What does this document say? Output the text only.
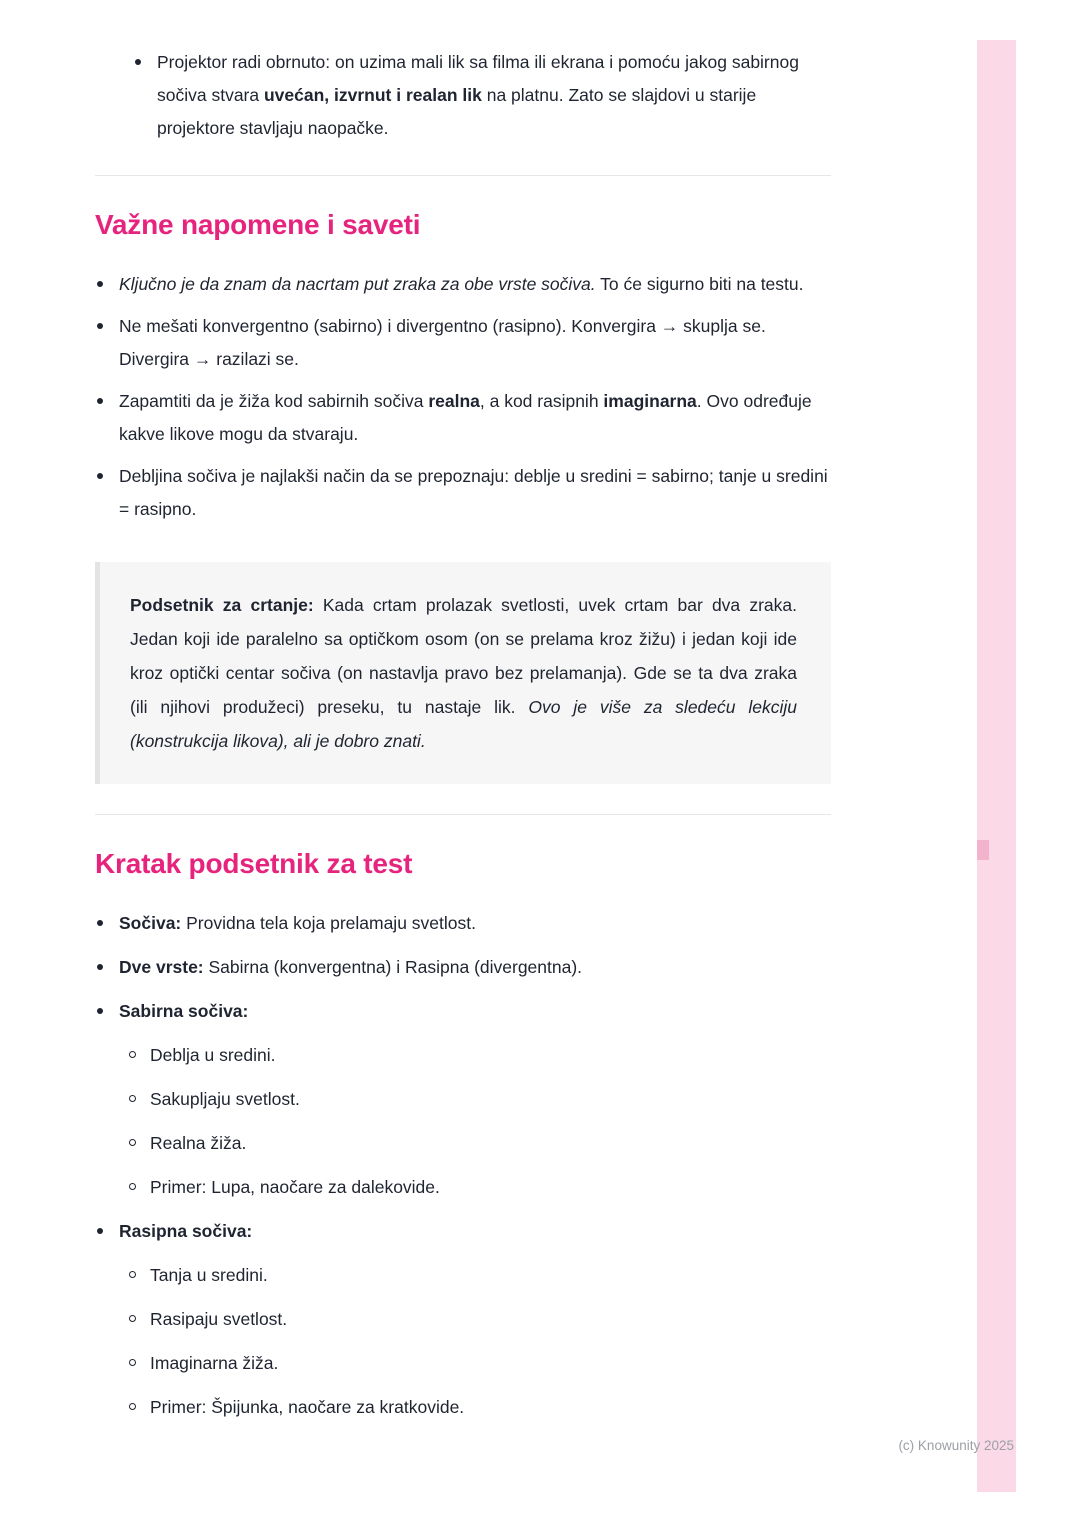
(c) Knowunity 2025
Projektor radi obrnuto: on uzima mali lik sa filma ili ekrana i pomoću jakog sabirnog sočiva stvara uvećan, izvrnut i realan lik na platnu. Zato se slajdovi u starije projektore stavljaju naopačke.
Važne napomene i saveti
Ključno je da znam da nacrtam put zraka za obe vrste sočiva. To će sigurno biti na testu.
Ne mešati konvergentno (sabirno) i divergentno (rasipno). Konvergira → skuplja se. Divergira → razilazi se.
Zapamtiti da je žiža kod sabirnih sočiva realna, a kod rasipnih imaginarna. Ovo određuje kakve likove mogu da stvaraju.
Debljina sočiva je najlakši način da se prepoznaju: deblje u sredini = sabirno; tanje u sredini = rasipno.
Podsetnik za crtanje: Kada crtam prolazak svetlosti, uvek crtam bar dva zraka. Jedan koji ide paralelno sa optičkom osom (on se prelama kroz žižu) i jedan koji ide kroz optički centar sočiva (on nastavlja pravo bez prelamanja). Gde se ta dva zraka (ili njihovi produžeci) preseku, tu nastaje lik. Ovo je više za sledeću lekciju (konstrukcija likova), ali je dobro znati.
Kratak podsetnik za test
Sočiva: Providna tela koja prelamaju svetlost.
Dve vrste: Sabirna (konvergentna) i Rasipna (divergentna).
Sabirna sočiva:
Deblja u sredini.
Sakupljaju svetlost.
Realna žiža.
Primer: Lupa, naočare za dalekovide.
Rasipna sočiva:
Tanja u sredini.
Rasipaju svetlost.
Imaginarna žiža.
Primer: Špijunka, naočare za kratkovide.
